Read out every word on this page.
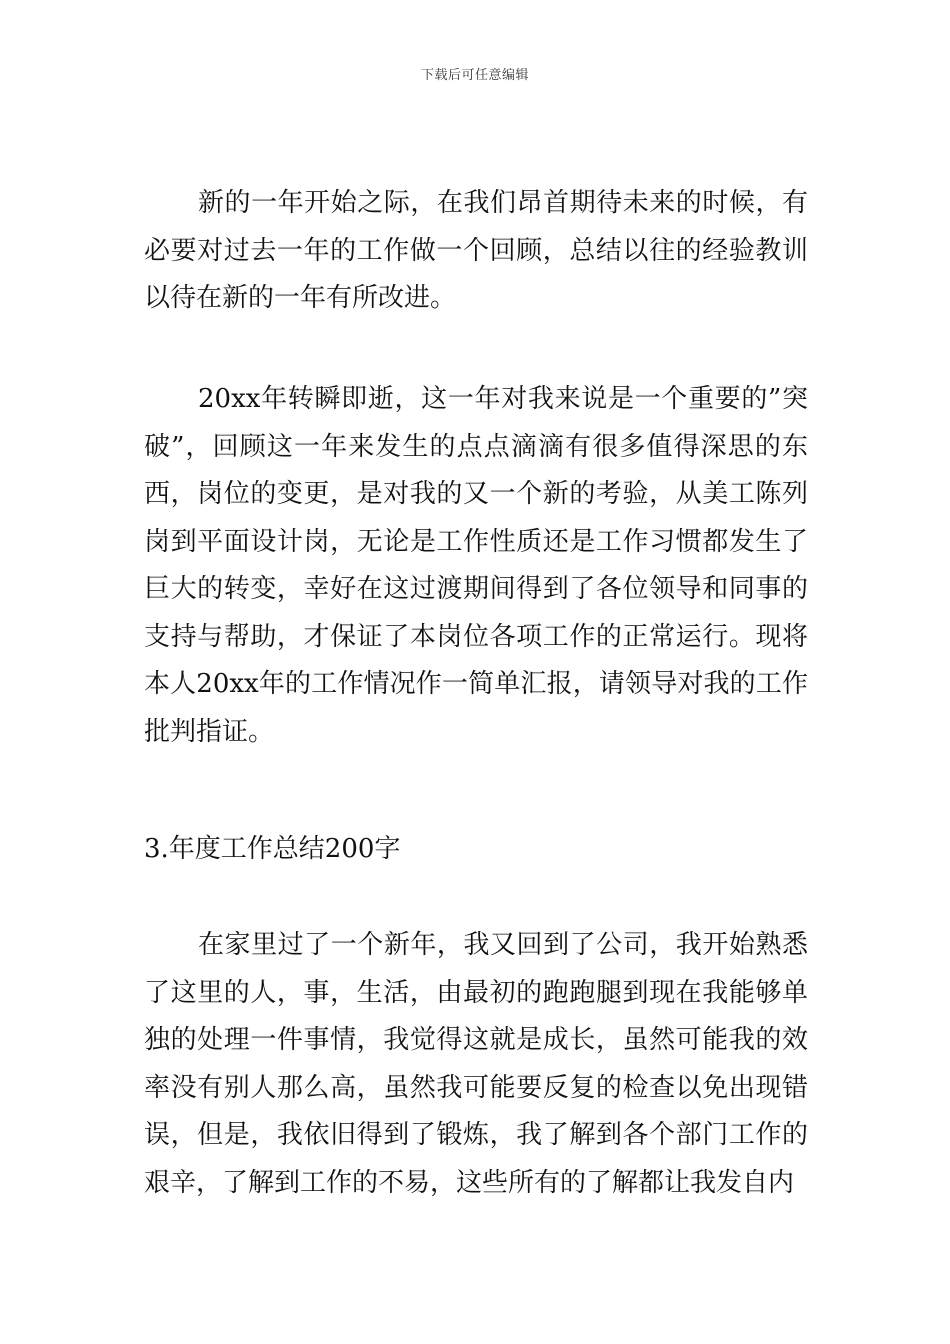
下载后可任意编辑

新的一年开始之际，在我们昂首期待未来的时候，有必要对过去一年的工作做一个回顾，总结以往的经验教训以待在新的一年有所改进。

20xx年转瞬即逝，这一年对我来说是一个重要的”突破”，回顾这一年来发生的点点滴滴有很多值得深思的东西，岗位的变更，是对我的又一个新的考验，从美工陈列岗到平面设计岗，无论是工作性质还是工作习惯都发生了巨大的转变，幸好在这过渡期间得到了各位领导和同事的支持与帮助，才保证了本岗位各项工作的正常运行。现将本人20xx年的工作情况作一简单汇报，请领导对我的工作批判指证。

3.年度工作总结200字

在家里过了一个新年，我又回到了公司，我开始熟悉了这里的人，事，生活，由最初的跑跑腿到现在我能够单独的处理一件事情，我觉得这就是成长，虽然可能我的效率没有别人那么高，虽然我可能要反复的检查以免出现错误，但是，我依旧得到了锻炼，我了解到各个部门工作的艰辛，了解到工作的不易，这些所有的了解都让我发自内
